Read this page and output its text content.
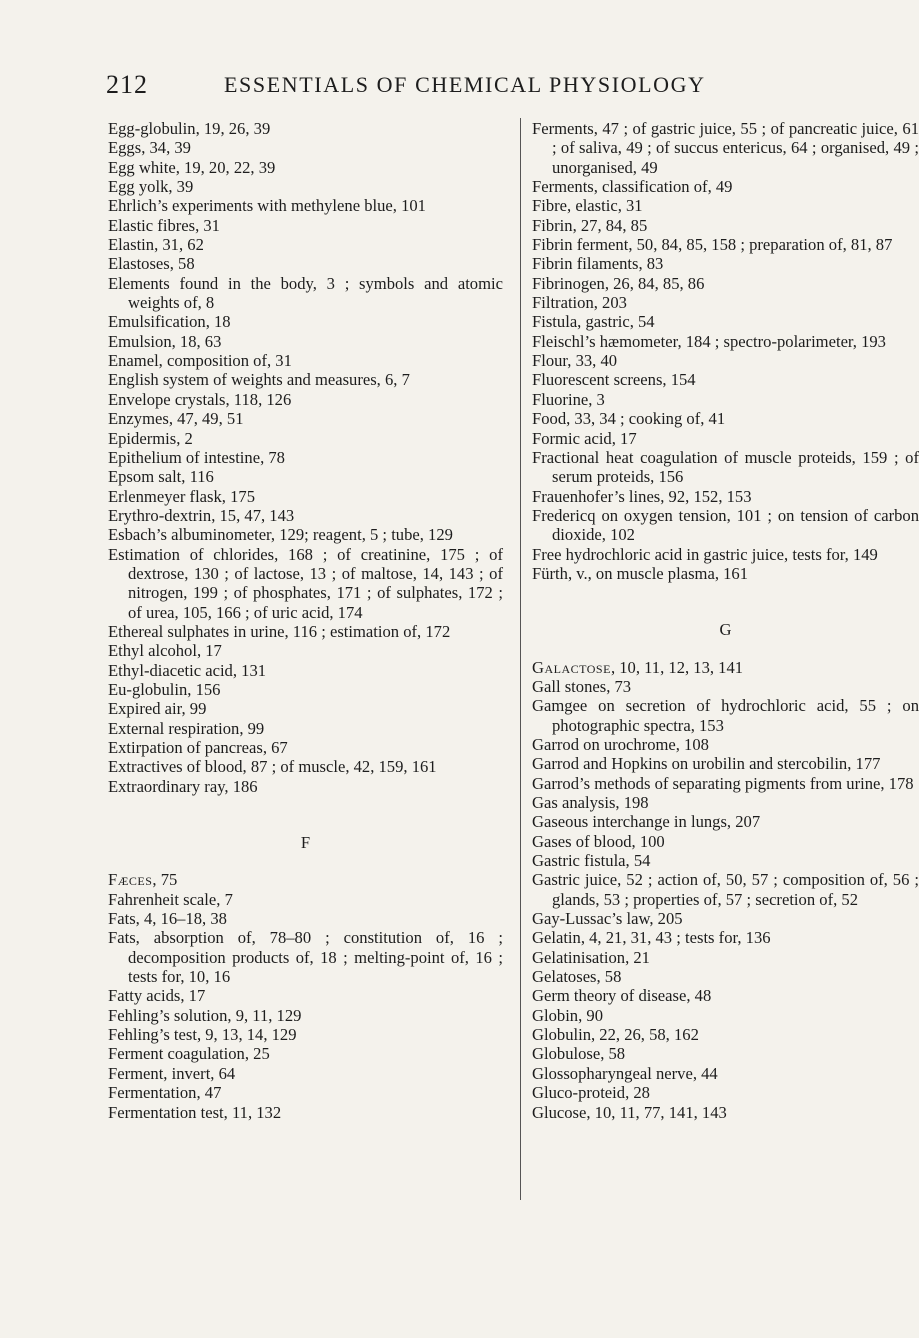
212	ESSENTIALS OF CHEMICAL PHYSIOLOGY
Egg-globulin, 19, 26, 39
Eggs, 34, 39
Egg white, 19, 20, 22, 39
Egg yolk, 39
Ehrlich’s experiments with methylene blue, 101
Elastic fibres, 31
Elastin, 31, 62
Elastoses, 58
Elements found in the body, 3 ; symbols and atomic weights of, 8
Emulsification, 18
Emulsion, 18, 63
Enamel, composition of, 31
English system of weights and measures, 6, 7
Envelope crystals, 118, 126
Enzymes, 47, 49, 51
Epidermis, 2
Epithelium of intestine, 78
Epsom salt, 116
Erlenmeyer flask, 175
Erythro-dextrin, 15, 47, 143
Esbach’s albuminometer, 129; reagent, 5 ; tube, 129
Estimation of chlorides, 168 ; of creatinine, 175 ; of dextrose, 130 ; of lactose, 13 ; of maltose, 14, 143 ; of nitrogen, 199 ; of phosphates, 171 ; of sulphates, 172 ; of urea, 105, 166 ; of uric acid, 174
Ethereal sulphates in urine, 116 ; estimation of, 172
Ethyl alcohol, 17
Ethyl-diacetic acid, 131
Eu-globulin, 156
Expired air, 99
External respiration, 99
Extirpation of pancreas, 67
Extractives of blood, 87 ; of muscle, 42, 159, 161
Extraordinary ray, 186
F
Fæces, 75
Fahrenheit scale, 7
Fats, 4, 16–18, 38
Fats, absorption of, 78–80 ; constitution of, 16 ; decomposition products of, 18 ; melting-point of, 16 ; tests for, 10, 16
Fatty acids, 17
Fehling’s solution, 9, 11, 129
Fehling’s test, 9, 13, 14, 129
Ferment coagulation, 25
Ferment, invert, 64
Fermentation, 47
Fermentation test, 11, 132
Ferments, 47 ; of gastric juice, 55 ; of pancreatic juice, 61 ; of saliva, 49 ; of succus entericus, 64 ; organised, 49 ; unorganised, 49
Ferments, classification of, 49
Fibre, elastic, 31
Fibrin, 27, 84, 85
Fibrin ferment, 50, 84, 85, 158 ; preparation of, 81, 87
Fibrin filaments, 83
Fibrinogen, 26, 84, 85, 86
Filtration, 203
Fistula, gastric, 54
Fleischl’s hæmometer, 184 ; spectro-polarimeter, 193
Flour, 33, 40
Fluorescent screens, 154
Fluorine, 3
Food, 33, 34 ; cooking of, 41
Formic acid, 17
Fractional heat coagulation of muscle proteids, 159 ; of serum proteids, 156
Frauenhofer’s lines, 92, 152, 153
Fredericq on oxygen tension, 101 ; on tension of carbon dioxide, 102
Free hydrochloric acid in gastric juice, tests for, 149
Fürth, v., on muscle plasma, 161
G
Galactose, 10, 11, 12, 13, 141
Gall stones, 73
Gamgee on secretion of hydrochloric acid, 55 ; on photographic spectra, 153
Garrod on urochrome, 108
Garrod and Hopkins on urobilin and stercobilin, 177
Garrod’s methods of separating pigments from urine, 178
Gas analysis, 198
Gaseous interchange in lungs, 207
Gases of blood, 100
Gastric fistula, 54
Gastric juice, 52 ; action of, 50, 57 ; composition of, 56 ; glands, 53 ; properties of, 57 ; secretion of, 52
Gay-Lussac’s law, 205
Gelatin, 4, 21, 31, 43 ; tests for, 136
Gelatinisation, 21
Gelatoses, 58
Germ theory of disease, 48
Globin, 90
Globulin, 22, 26, 58, 162
Globulose, 58
Glossopharyngeal nerve, 44
Gluco-proteid, 28
Glucose, 10, 11, 77, 141, 143
